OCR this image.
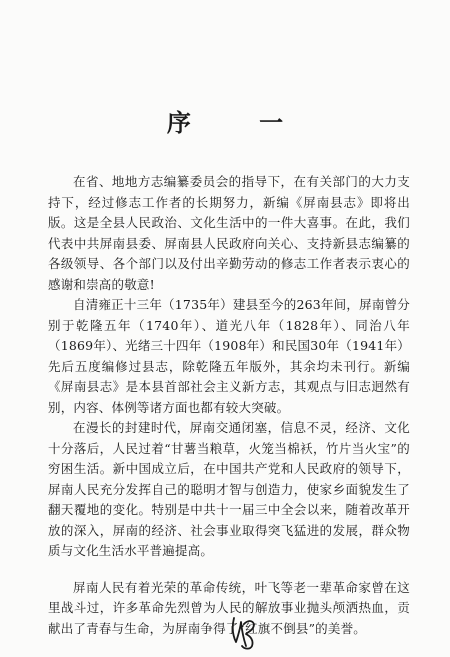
序 一

在省、地地方志编纂委员会的指导下，在有关部门的大力支持下，经过修志工作者的长期努力，新编《屏南县志》即将出版。这是全县人民政治、文化生活中的一件大喜事。在此，我们代表中共屏南县委、屏南县人民政府向关心、支持新县志编纂的各级领导、各个部门以及付出辛勤劳动的修志工作者表示衷心的感谢和崇高的敬意!

自清雍正十三年（1735年）建县至今的263年间，屏南曾分别于乾隆五年（1740年）、道光八年（1828年）、同治八年（1869年）、光绪三十四年（1908年）和民国30年（1941年）先后五度编修过县志，除乾隆五年版外，其余均未刊行。新编《屏南县志》是本县首部社会主义新方志，其观点与旧志迥然有别，内容、体例等诸方面也都有较大突破。

在漫长的封建时代，屏南交通闭塞，信息不灵，经济、文化十分落后，人民过着“甘薯当粮草，火笼当棉袄，竹片当火宝”的穷困生活。新中国成立后，在中国共产党和人民政府的领导下，屏南人民充分发挥自己的聪明才智与创造力，使家乡面貌发生了翻天覆地的变化。特别是中共十一届三中全会以来，随着改革开放的深入，屏南的经济、社会事业取得突飞猛进的发展，群众物质与文化生活水平普遍提高。

屏南人民有着光荣的革命传统，叶飞等老一辈革命家曾在这里战斗过，许多革命先烈曾为人民的解放事业抛头颅洒热血，贡献出了青春与生命，为屏南争得了“红旗不倒县”的美誉。
